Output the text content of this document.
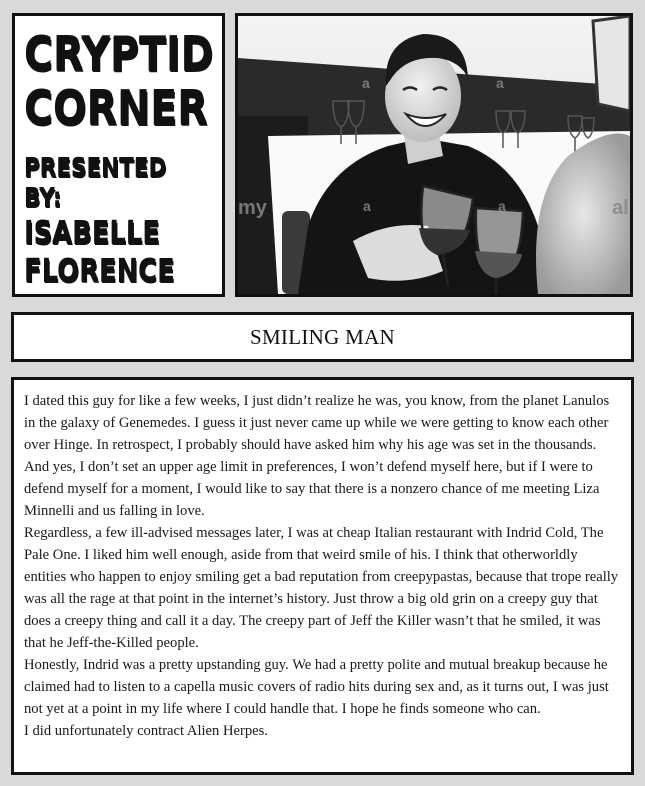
CRYPTID
CORNER
PRESENTED BY:
ISABELLE
FLORENCE
a	a
a
my	a	al
SMILING MAN

I dated this guy for like a few weeks, I just didn’t realize he was, you know, from the planet Lanulos in the galaxy of Genemedes. I guess it just never came up while we were getting to know each other over Hinge. In retrospect, I probably should have asked him why his age was set in the thousands. And yes, I don’t set an upper age limit in preferences, I won’t defend myself here, but if I were to defend myself for a moment, I would like to say that there is a nonzero chance of me meeting Liza Minnelli and us falling in love.

Regardless, a few ill-advised messages later, I was at cheap Italian restaurant with Indrid Cold, The Pale One. I liked him well enough, aside from that weird smile of his. I think that otherworldly entities who happen to enjoy smiling get a bad reputation from creepypastas, because that trope really was all the rage at that point in the internet’s history. Just throw a big old grin on a creepy guy that does a creepy thing and call it a day. The creepy part of Jeff the Killer wasn’t that he smiled, it was that he Jeff-the-Killed people.

Honestly, Indrid was a pretty upstanding guy. We had a pretty polite and mutual breakup because he claimed had to listen to a capella music covers of radio hits during sex and, as it turns out, I was just not yet at a point in my life where I could handle that. I hope he finds someone who can.

I did unfortunately contract Alien Herpes.
